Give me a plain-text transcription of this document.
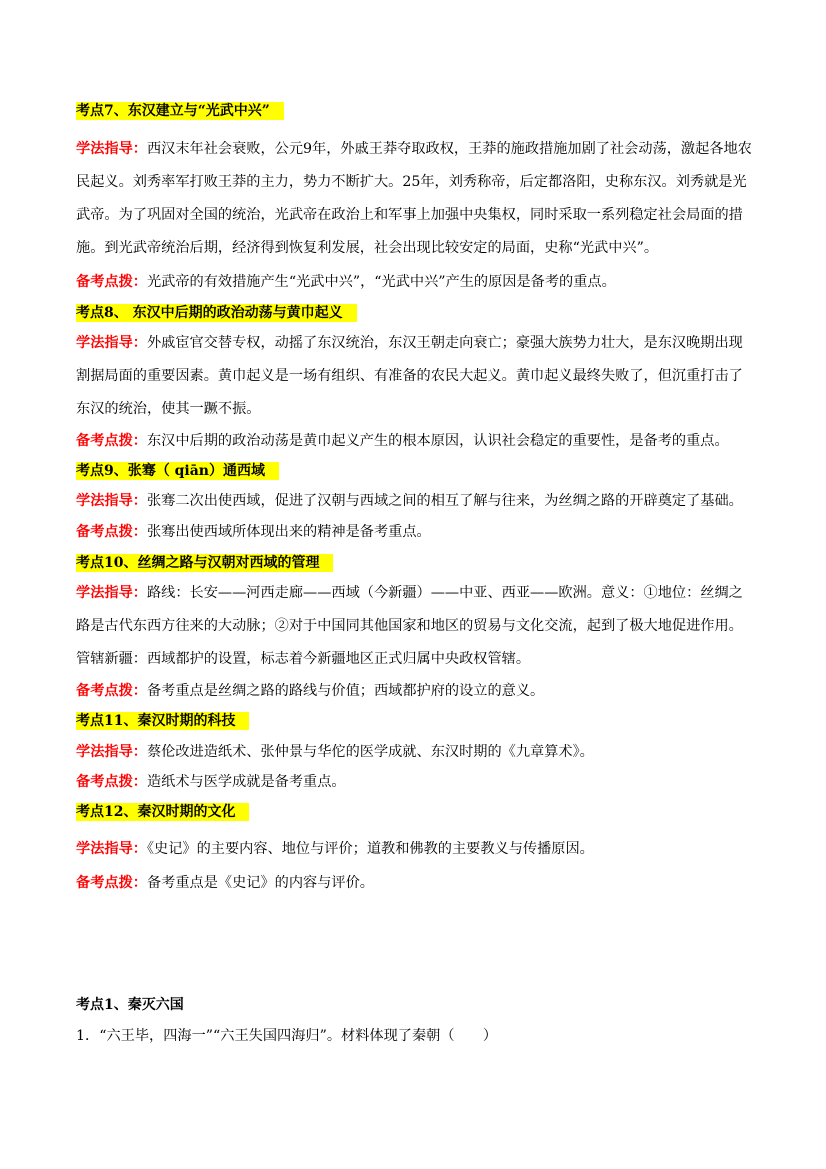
考点7、东汉建立与“光武中兴”
学法指导：西汉末年社会衰败，公元9年，外戚王莽夺取政权，王莽的施政措施加剧了社会动荡，激起各地农民起义。刘秀率军打败王莽的主力，势力不断扩大。25年，刘秀称帝，后定都洛阳，史称东汉。刘秀就是光武帝。为了巩固对全国的统治，光武帝在政治上和军事上加强中央集权，同时采取一系列稳定社会局面的措施。到光武帝统治后期，经济得到恢复利发展，社会出现比较安定的局面，史称“光武中兴”。
备考点拨：光武帝的有效措施产生“光武中兴”，“光武中兴”产生的原因是备考的重点。
考点8、 东汉中后期的政治动荡与黄巾起义
学法指导：外戚宦官交替专权，动摇了东汉统治，东汉王朝走向衰亡；豪强大族势力壮大，是东汉晚期出现割据局面的重要因素。黄巾起义是一场有组织、有准备的农民大起义。黄巾起义最终失败了，但沉重打击了东汉的统治，使其一蹶不振。
备考点拨：东汉中后期的政治动荡是黄巾起义产生的根本原因，认识社会稳定的重要性，是备考的重点。
考点9、张骞（ qiān）通西域
学法指导：张骞二次出使西域，促进了汉朝与西域之间的相互了解与往来，为丝绸之路的开辟奠定了基础。
备考点拨：张骞出使西域所体现出来的精神是备考重点。
考点10、丝绸之路与汉朝对西域的管理
学法指导：路线：长安——河西走廊——西域（今新疆）——中亚、西亚——欧洲。意义：①地位：丝绸之路是古代东西方往来的大动脉；②对于中国同其他国家和地区的贸易与文化交流，起到了极大地促进作用。管辖新疆：西域都护的设置，标志着今新疆地区正式归属中央政权管辖。
备考点拨：备考重点是丝绸之路的路线与价值；西域都护府的设立的意义。
考点11、秦汉时期的科技
学法指导：蔡伦改进造纸术、张仲景与华佗的医学成就、东汉时期的《九章算术》。
备考点拨：造纸术与医学成就是备考重点。
考点12、秦汉时期的文化
学法指导：《史记》的主要内容、地位与评价；道教和佛教的主要教义与传播原因。
备考点拨：备考重点是《史记》的内容与评价。
考点1、秦灭六国
1．“六王毕，四海一”“六王失国四海归”。材料体现了秦朝（　　）
